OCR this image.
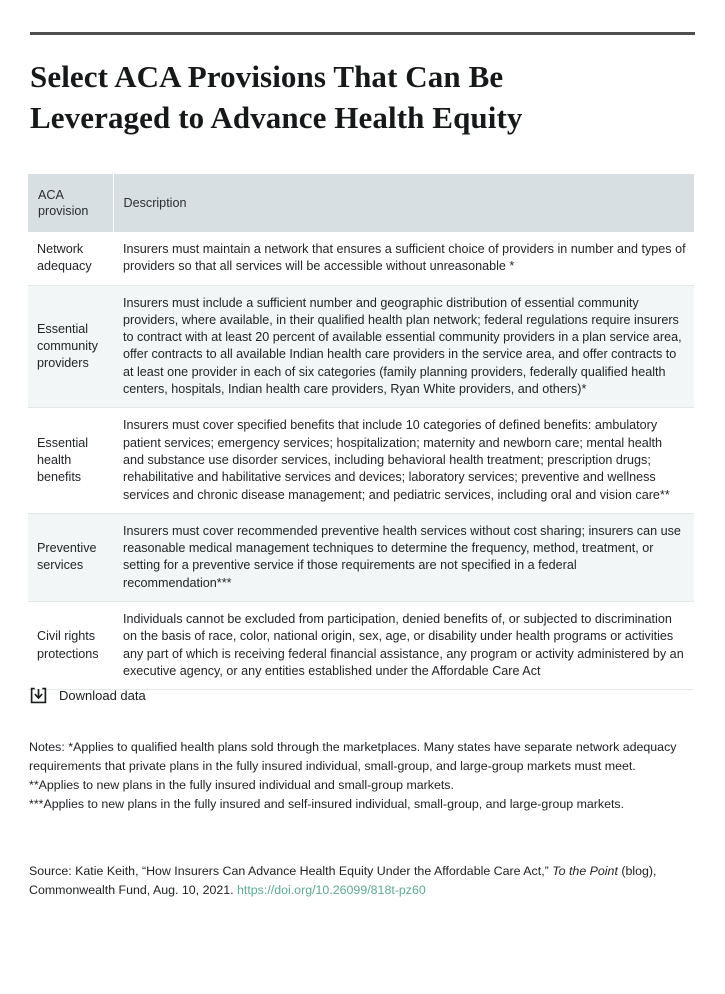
Select ACA Provisions That Can Be Leveraged to Advance Health Equity
ACA provision	Description
Network adequacy	Insurers must maintain a network that ensures a sufficient choice of providers in number and types of providers so that all services will be accessible without unreasonable *
Essential community providers	Insurers must include a sufficient number and geographic distribution of essential community providers, where available, in their qualified health plan network; federal regulations require insurers to contract with at least 20 percent of available essential community providers in a plan service area, offer contracts to all available Indian health care providers in the service area, and offer contracts to at least one provider in each of six categories (family planning providers, federally qualified health centers, hospitals, Indian health care providers, Ryan White providers, and others)*
Essential health benefits	Insurers must cover specified benefits that include 10 categories of defined benefits: ambulatory patient services; emergency services; hospitalization; maternity and newborn care; mental health and substance use disorder services, including behavioral health treatment; prescription drugs; rehabilitative and habilitative services and devices; laboratory services; preventive and wellness services and chronic disease management; and pediatric services, including oral and vision care**
Preventive services	Insurers must cover recommended preventive health services without cost sharing; insurers can use reasonable medical management techniques to determine the frequency, method, treatment, or setting for a preventive service if those requirements are not specified in a federal recommendation***
Civil rights protections	Individuals cannot be excluded from participation, denied benefits of, or subjected to discrimination on the basis of race, color, national origin, sex, age, or disability under health programs or activities any part of which is receiving federal financial assistance, any program or activity administered by an executive agency, or any entities established under the Affordable Care Act
Download data

Notes: *Applies to qualified health plans sold through the marketplaces. Many states have separate network adequacy requirements that private plans in the fully insured individual, small-group, and large-group markets must meet.

**Applies to new plans in the fully insured individual and small-group markets.

***Applies to new plans in the fully insured and self-insured individual, small-group, and large-group markets.

Source: Katie Keith, “How Insurers Can Advance Health Equity Under the Affordable Care Act,” To the Point (blog), Commonwealth Fund, Aug. 10, 2021. https://doi.org/10.26099/818t-pz60
